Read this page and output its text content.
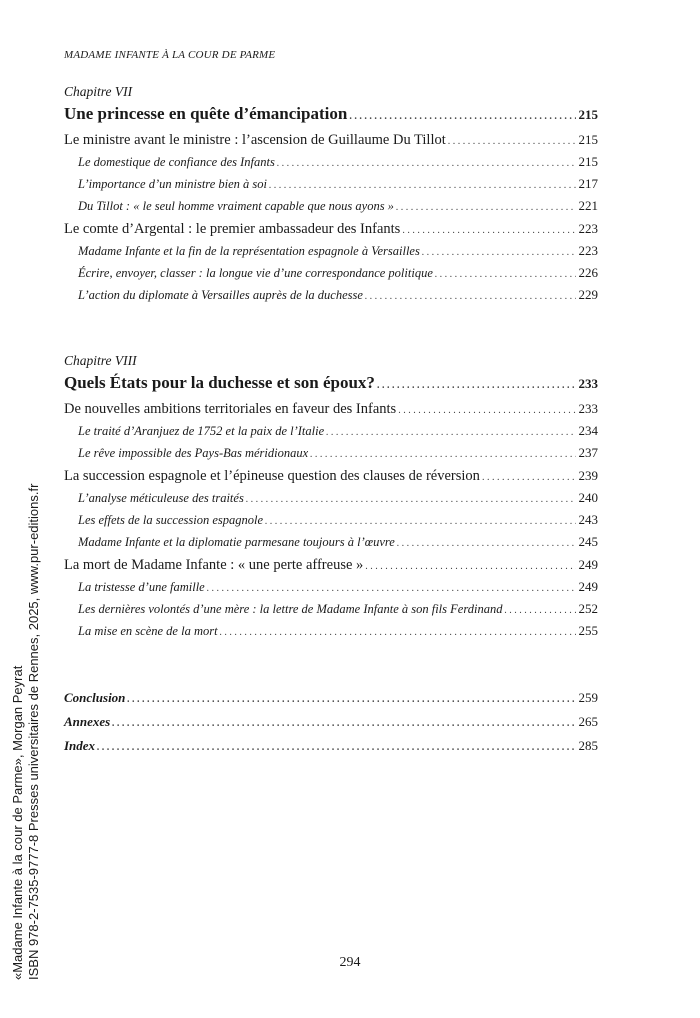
MADAME INFANTE À LA COUR DE PARME
Chapitre VII
Une princesse en quête d’émancipation . . .	215
Le ministre avant le ministre : l’ascension de Guillaume Du Tillot . . .	215
Le domestique de confiance des Infants . . .	215
L’importance d’un ministre bien à soi . . .	217
Du Tillot : « le seul homme vraiment capable que nous ayons » . . .	221
Le comte d’Argental : le premier ambassadeur des Infants . . .	223
Madame Infante et la fin de la représentation espagnole à Versailles . . .	223
Écrire, envoyer, classer : la longue vie d’une correspondance politique . . .	226
L’action du diplomate à Versailles auprès de la duchesse . . .	229
Chapitre VIII
Quels États pour la duchesse et son époux? . . .	233
De nouvelles ambitions territoriales en faveur des Infants . . .	233
Le traité d’Aranjuez de 1752 et la paix de l’Italie . . .	234
Le rêve impossible des Pays-Bas méridionaux . . .	237
La succession espagnole et l’épineuse question des clauses de réversion . . .	239
L’analyse méticuleuse des traités . . .	240
Les effets de la succession espagnole . . .	243
Madame Infante et la diplomatie parmesane toujours à l’œuvre . . .	245
La mort de Madame Infante : « une perte affreuse » . . .	249
La tristesse d’une famille . . .	249
Les dernières volontés d’une mère : la lettre de Madame Infante à son fils Ferdinand . . .	252
La mise en scène de la mort . . .	255
Conclusion . . .	259
Annexes . . .	265
Index . . .	285
«Madame Infante à la cour de Parme», Morgan Peyrat ISBN 978-2-7535-9777-8 Presses universitaires de Rennes, 2025, www.pur-editions.fr	294
